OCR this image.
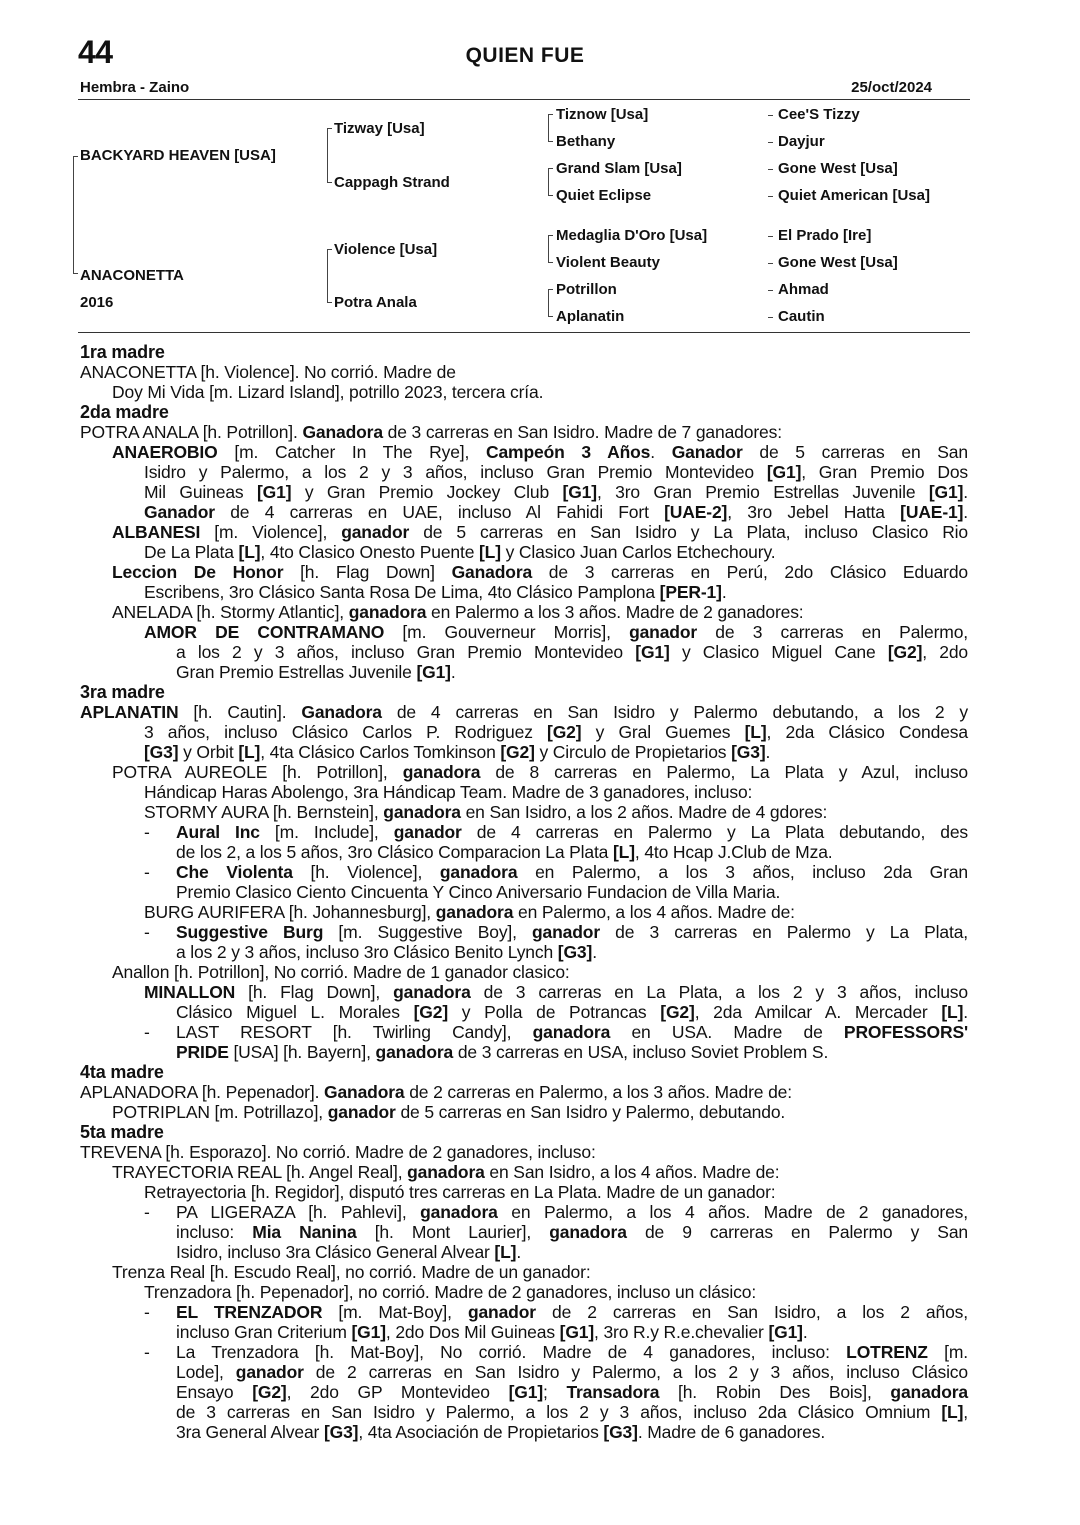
44	QUIEN FUE
Hembra - Zaino	25/oct/2024
BACKYARD HEAVEN [USA]
ANACONETTA
2016
Tizway [Usa]
Cappagh Strand
Violence [Usa]
Potra Anala
Tiznow [Usa]
Bethany
Grand Slam [Usa]
Quiet Eclipse
Medaglia D'Oro [Usa]
Violent Beauty
Potrillon
Aplanatin
Cee'S Tizzy
Dayjur
Gone West [Usa]
Quiet American [Usa]
El Prado [Ire]
Gone West [Usa]
Ahmad
Cautin
1ra madre
ANACONETTA [h. Violence]. No corrió. Madre de
Doy Mi Vida [m. Lizard Island], potrillo 2023, tercera cría.
2da madre
POTRA ANALA [h. Potrillon]. Ganadora de 3 carreras en San Isidro. Madre de 7 ganadores:
ANAEROBIO [m. Catcher In The Rye], Campeón 3 Años. Ganador de 5 carreras en San
Isidro y Palermo, a los 2 y 3 años, incluso Gran Premio Montevideo [G1], Gran Premio Dos
Mil Guineas [G1] y Gran Premio Jockey Club [G1], 3ro Gran Premio Estrellas Juvenile [G1].
Ganador de 4 carreras en UAE, incluso Al Fahidi Fort [UAE-2], 3ro Jebel Hatta [UAE-1].
ALBANESI [m. Violence], ganador de 5 carreras en San Isidro y La Plata, incluso Clasico Rio
De La Plata [L], 4to Clasico Onesto Puente [L] y Clasico Juan Carlos Etchechoury.
Leccion De Honor [h. Flag Down] Ganadora de 3 carreras en Perú, 2do Clásico Eduardo
Escribens, 3ro Clásico Santa Rosa De Lima, 4to Clásico Pamplona [PER-1].
ANELADA [h. Stormy Atlantic], ganadora en Palermo a los 3 años. Madre de 2 ganadores:
AMOR DE CONTRAMANO [m. Gouverneur Morris], ganador de 3 carreras en Palermo,
a los 2 y 3 años, incluso Gran Premio Montevideo [G1] y Clasico Miguel Cane [G2], 2do
Gran Premio Estrellas Juvenile [G1].
3ra madre
APLANATIN [h. Cautin]. Ganadora de 4 carreras en San Isidro y Palermo debutando, a los 2 y
3 años, incluso Clásico Carlos P. Rodriguez [G2] y Gral Guemes [L], 2da Clásico Condesa
[G3] y Orbit [L], 4ta Clásico Carlos Tomkinson [G2] y Circulo de Propietarios [G3].
POTRA AUREOLE [h. Potrillon], ganadora de 8 carreras en Palermo, La Plata y Azul, incluso
Hándicap Haras Abolengo, 3ra Hándicap Team. Madre de 3 ganadores, incluso:
STORMY AURA [h. Bernstein], ganadora en San Isidro, a los 2 años. Madre de 4 gdores:
- Aural Inc [m. Include], ganador de 4 carreras en Palermo y La Plata debutando, des
de los 2, a los 5 años, 3ro Clásico Comparacion La Plata [L], 4to Hcap J.Club de Mza.
- Che Violenta [h. Violence], ganadora en Palermo, a los 3 años, incluso 2da Gran
Premio Clasico Ciento Cincuenta Y Cinco Aniversario Fundacion de Villa Maria.
BURG AURIFERA [h. Johannesburg], ganadora en Palermo, a los 4 años. Madre de:
- Suggestive Burg [m. Suggestive Boy], ganador de 3 carreras en Palermo y La Plata,
a los 2 y 3 años, incluso 3ro Clásico Benito Lynch [G3].
Anallon [h. Potrillon], No corrió. Madre de 1 ganador clasico:
MINALLON [h. Flag Down], ganadora de 3 carreras en La Plata, a los 2 y 3 años, incluso
Clásico Miguel L. Morales [G2] y Polla de Potrancas [G2], 2da Amilcar A. Mercader [L].
- LAST RESORT [h. Twirling Candy], ganadora en USA. Madre de PROFESSORS'
PRIDE [USA] [h. Bayern], ganadora de 3 carreras en USA, incluso Soviet Problem S.
4ta madre
APLANADORA [h. Pepenador]. Ganadora de 2 carreras en Palermo, a los 3 años. Madre de:
POTRIPLAN [m. Potrillazo], ganador de 5 carreras en San Isidro y Palermo, debutando.
5ta madre
TREVENA [h. Esporazo]. No corrió. Madre de 2 ganadores, incluso:
TRAYECTORIA REAL [h. Angel Real], ganadora en San Isidro, a los 4 años. Madre de:
Retrayectoria [h. Regidor], disputó tres carreras en La Plata. Madre de un ganador:
- PA LIGERAZA [h. Pahlevi], ganadora en Palermo, a los 4 años. Madre de 2 ganadores,
incluso: Mia Nanina [h. Mont Laurier], ganadora de 9 carreras en Palermo y San
Isidro, incluso 3ra Clásico General Alvear [L].
Trenza Real [h. Escudo Real], no corrió. Madre de un ganador:
Trenzadora [h. Pepenador], no corrió. Madre de 2 ganadores, incluso un clásico:
- EL TRENZADOR [m. Mat-Boy], ganador de 2 carreras en San Isidro, a los 2 años,
incluso Gran Criterium [G1], 2do Dos Mil Guineas [G1], 3ro R.y R.e.chevalier [G1].
- La Trenzadora [h. Mat-Boy], No corrió. Madre de 4 ganadores, incluso: LOTRENZ [m.
Lode], ganador de 2 carreras en San Isidro y Palermo, a los 2 y 3 años, incluso Clásico
Ensayo [G2], 2do GP Montevideo [G1]; Transadora [h. Robin Des Bois], ganadora
de 3 carreras en San Isidro y Palermo, a los 2 y 3 años, incluso 2da Clásico Omnium [L],
3ra General Alvear [G3], 4ta Asociación de Propietarios [G3]. Madre de 6 ganadores.
